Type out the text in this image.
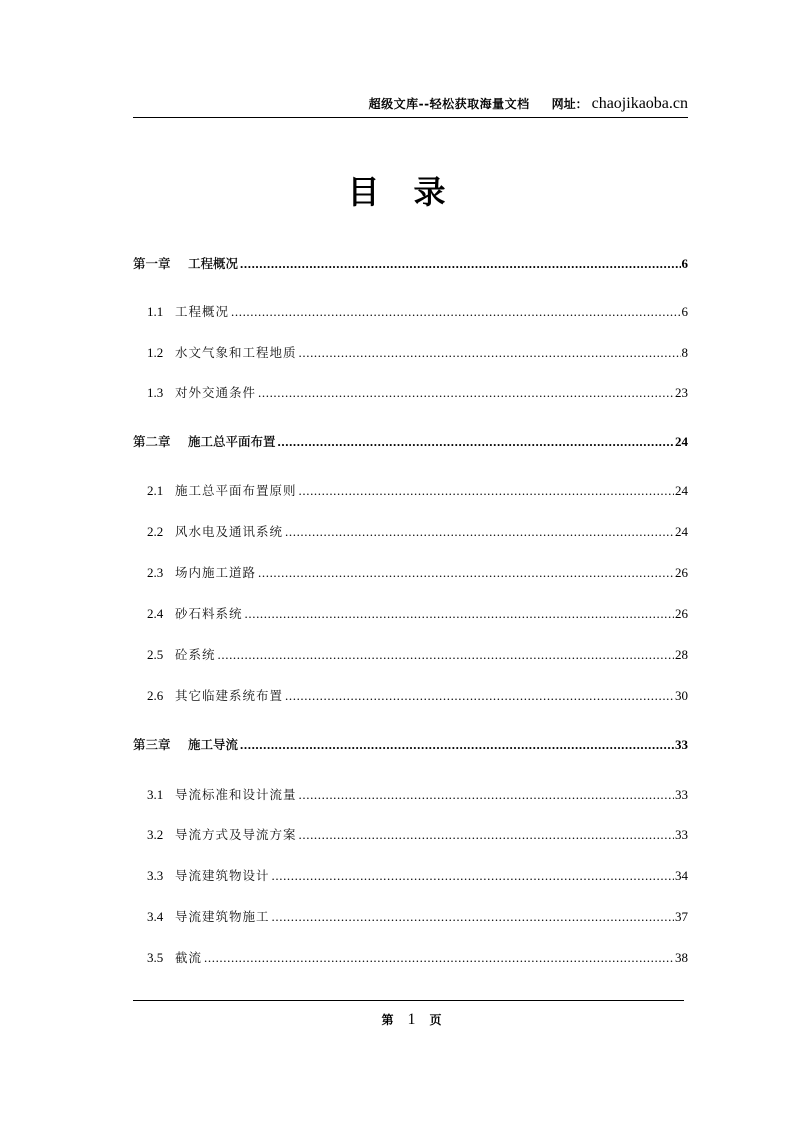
超级文库--轻松获取海量文档 网址： chaojikaoba.cn
目录
第一章	工程概况 .....	6
1.1 工程概况 .....	6
1.2 水文气象和工程地质 .....	8
1.3 对外交通条件 .....	23
第二章	施工总平面布置 .....	24
2.1 施工总平面布置原则 .....	24
2.2 风水电及通讯系统 .....	24
2.3 场内施工道路 .....	26
2.4 砂石料系统 .....	26
2.5 砼系统 .....	28
2.6 其它临建系统布置 .....	30
第三章	施工导流 .....	33
3.1 导流标准和设计流量 .....	33
3.2 导流方式及导流方案 .....	33
3.3 导流建筑物设计 .....	34
3.4 导流建筑物施工 .....	37
3.5 截流 .....	38
第 1 页
